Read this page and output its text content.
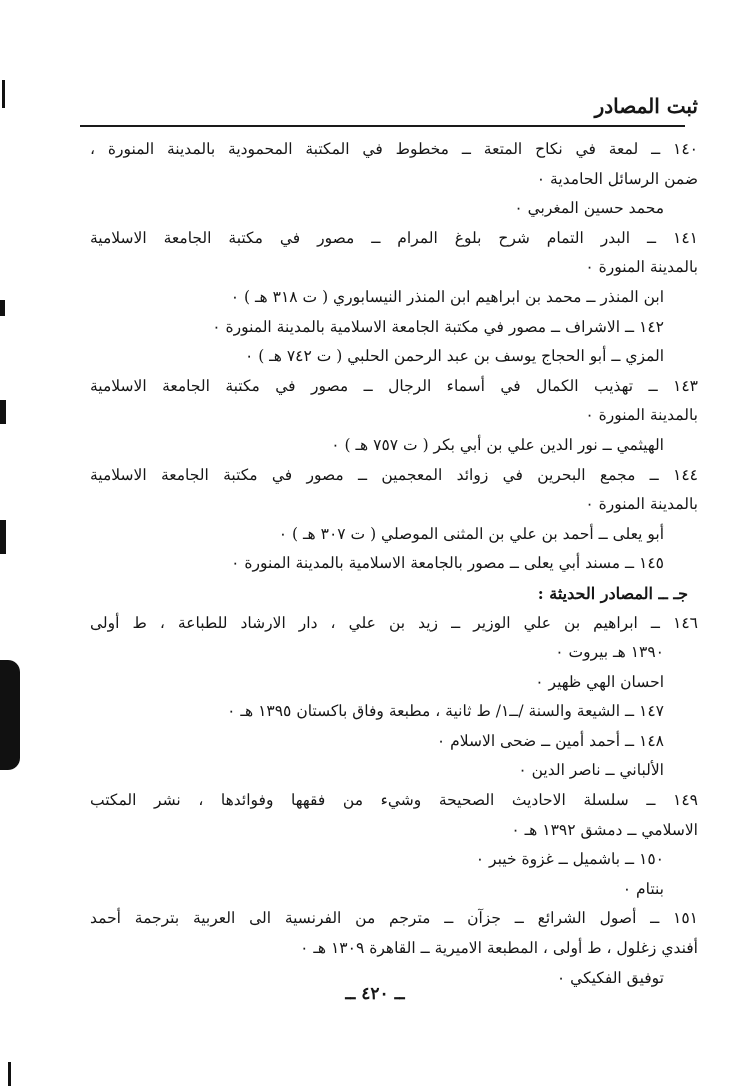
ثبت المصادر
١٤٠ ــ لمعة في نكاح المتعة ــ مخطوط في المكتبة المحمودية بالمدينة المنورة ،
ضمن الرسائل الحامدية ٠
محمد حسين المغربي ٠
١٤١ ــ البدر التمام شرح بلوغ المرام ــ مصور في مكتبة الجامعة الاسلامية
بالمدينة المنورة ٠
ابن المنذر ــ محمد بن ابراهيم ابن المنذر النيسابوري ( ت ٣١٨ هـ ) ٠
١٤٢ ــ الاشراف ــ مصور في مكتبة الجامعة الاسلامية بالمدينة المنورة ٠
المزي ــ أبو الحجاج يوسف بن عبد الرحمن الحلبي ( ت ٧٤٢ هـ ) ٠
١٤٣ ــ تهذيب الكمال في أسماء الرجال ــ مصور في مكتبة الجامعة الاسلامية
بالمدينة المنورة ٠
الهيثمي ــ نور الدين علي بن أبي بكر ( ت ٧٥٧ هـ ) ٠
١٤٤ ــ مجمع البحرين في زوائد المعجمين ــ مصور في مكتبة الجامعة الاسلامية
بالمدينة المنورة ٠
أبو يعلى ــ أحمد بن علي بن المثنى الموصلي ( ت ٣٠٧ هـ ) ٠
١٤٥ ــ مسند أبي يعلى ــ مصور بالجامعة الاسلامية بالمدينة المنورة ٠
جـ ــ المصادر الحديثة :
١٤٦ ــ ابراهيم بن علي الوزير ــ زيد بن علي ، دار الارشاد للطباعة ، ط أولى
١٣٩٠ هـ بيروت ٠
احسان الهي ظهير ٠
١٤٧ ــ الشيعة والسنة /ــ١/ ط ثانية ، مطبعة وفاق باكستان ١٣٩٥ هـ ٠
١٤٨ ــ أحمد أمين ــ ضحى الاسلام ٠
الألباني ــ ناصر الدين ٠
١٤٩ ــ سلسلة الاحاديث الصحيحة وشيء من فقهها وفوائدها ، نشر المكتب
الاسلامي ــ دمشق ١٣٩٢ هـ ٠
١٥٠ ــ باشميل ــ غزوة خيبر ٠
بنتام ٠
١٥١ ــ أصول الشرائع ــ جزآن ــ مترجم من الفرنسية الى العربية بترجمة أحمد
أفندي زغلول ، ط أولى ، المطبعة الاميرية ــ القاهرة ١٣٠٩ هـ ٠
توفيق الفكيكي ٠
ــ ٤٢٠ ــ
